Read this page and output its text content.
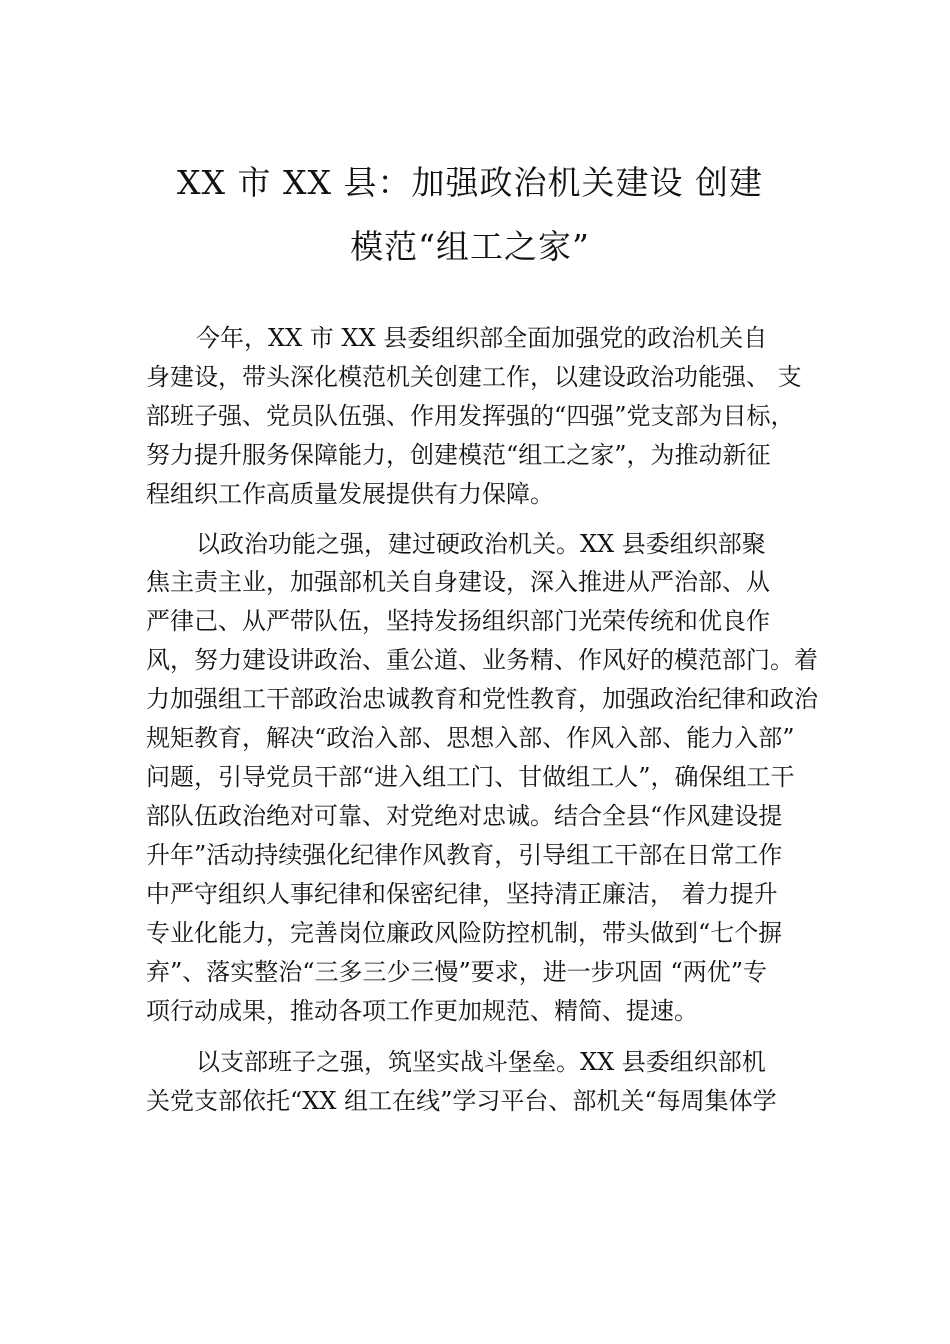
XX 市 XX 县：加强政治机关建设 创建
模范“组工之家”
今年，XX 市 XX 县委组织部全面加强党的政治机关自
身建设，带头深化模范机关创建工作，以建设政治功能强、 支
部班子强、党员队伍强、作用发挥强的“四强”党支部为目标，
努力提升服务保障能力，创建模范“组工之家”，为推动新征
程组织工作高质量发展提供有力保障。
以政治功能之强，建过硬政治机关。XX 县委组织部聚
焦主责主业，加强部机关自身建设，深入推进从严治部、从
严律己、从严带队伍，坚持发扬组织部门光荣传统和优良作
风，努力建设讲政治、重公道、业务精、作风好的模范部门。着
力加强组工干部政治忠诚教育和党性教育，加强政治纪律和政治
规矩教育，解决“政治入部、思想入部、作风入部、能力入部”
问题，引导党员干部“进入组工门、甘做组工人”，确保组工干
部队伍政治绝对可靠、对党绝对忠诚。结合全县“作风建设提
升年”活动持续强化纪律作风教育，引导组工干部在日常工作
中严守组织人事纪律和保密纪律，坚持清正廉洁， 着力提升
专业化能力，完善岗位廉政风险防控机制，带头做到“七个摒
弃”、落实整治“三多三少三慢”要求，进一步巩固 “两优”专
项行动成果，推动各项工作更加规范、精简、提速。
以支部班子之强，筑坚实战斗堡垒。XX 县委组织部机
关党支部依托“XX 组工在线”学习平台、部机关“每周集体学
